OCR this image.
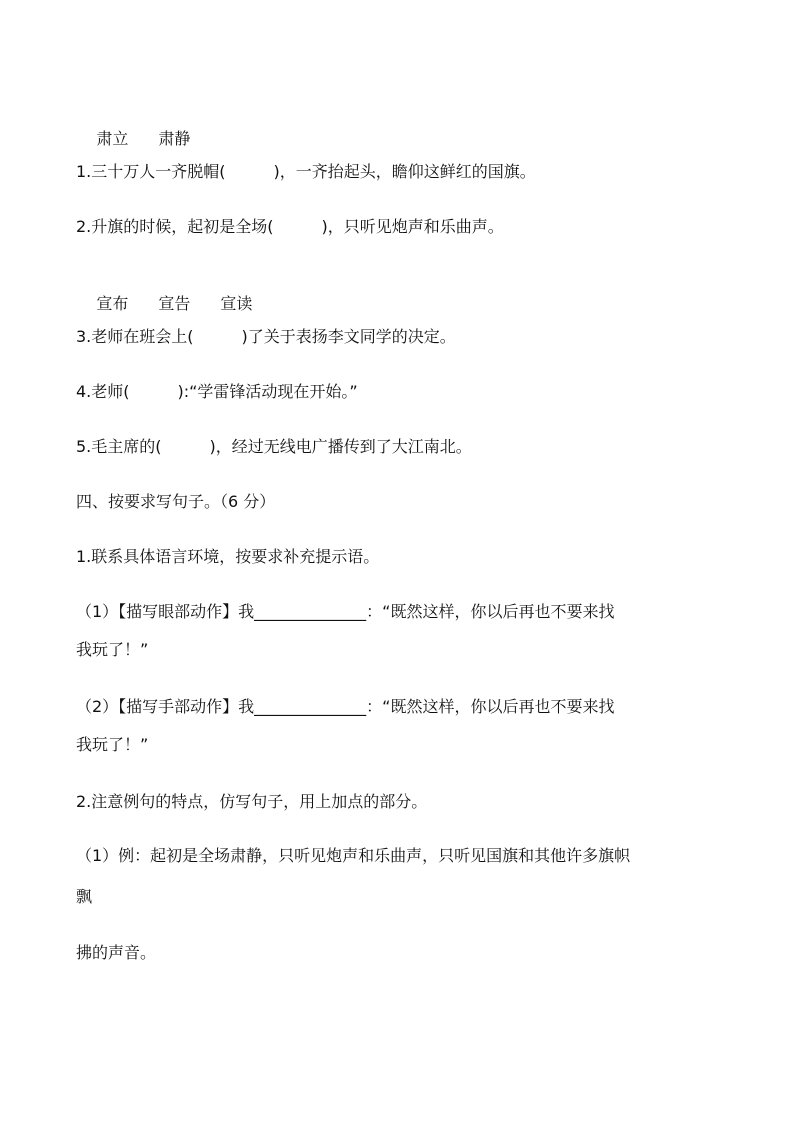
肃立 肃静

1.三十万人一齐脱帽(　　　)，一齐抬起头，瞻仰这鲜红的国旗。
2.升旗的时候，起初是全场(　　　)，只听见炮声和乐曲声。

宣布 宣告 宣读

3.老师在班会上(　　　)了关于表扬李文同学的决定。
4.老师(　　　):“学雷锋活动现在开始。”
5.毛主席的(　　　)，经过无线电广播传到了大江南北。
四、按要求写句子。（6 分）
1.联系具体语言环境，按要求补充提示语。
（1）【描写眼部动作】我______________：“既然这样，你以后再也不要来找
我玩了！”
（2）【描写手部动作】我______________：“既然这样，你以后再也不要来找
我玩了！”
2.注意例句的特点，仿写句子，用上加点的部分。
（1）例：起初是全场肃静，只听见炮声和乐曲声，只听见国旗和其他许多旗帜
飘
拂的声音。
